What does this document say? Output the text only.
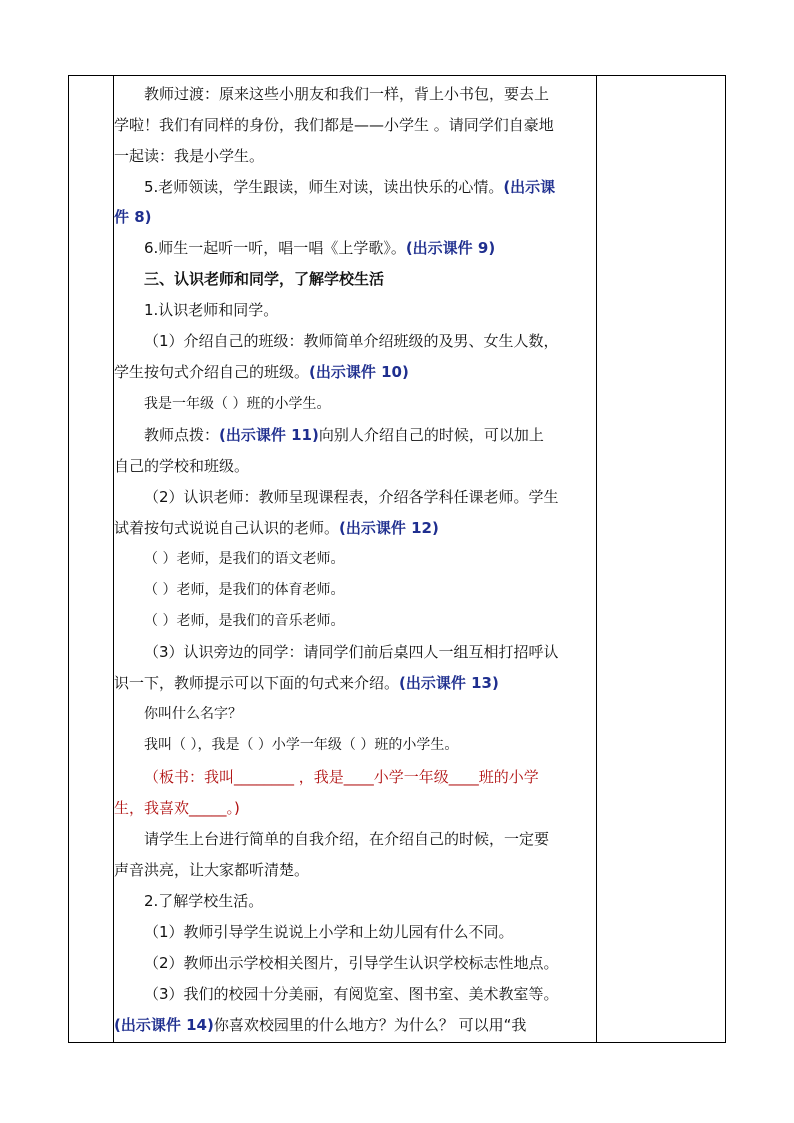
教师过渡：原来这些小朋友和我们一样，背上小书包，要去上
学啦！我们有同样的身份，我们都是——小学生 。请同学们自豪地
一起读：我是小学生。
5.老师领读，学生跟读，师生对读，读出快乐的心情。(出示课
件 8)
6.师生一起听一听，唱一唱《上学歌》。(出示课件 9)
三、认识老师和同学，了解学校生活
1.认识老师和同学。
（1）介绍自己的班级：教师简单介绍班级的及男、女生人数，
学生按句式介绍自己的班级。(出示课件 10)
我是一年级（ ）班的小学生。
教师点拨：(出示课件 11)向别人介绍自己的时候，可以加上
自己的学校和班级。
（2）认识老师：教师呈现课程表，介绍各学科任课老师。学生
试着按句式说说自己认识的老师。(出示课件 12)
（ ）老师，是我们的语文老师。
（ ）老师，是我们的体育老师。
（ ）老师，是我们的音乐老师。
（3）认识旁边的同学：请同学们前后桌四人一组互相打招呼认
识一下，教师提示可以下面的句式来介绍。(出示课件 13)
你叫什么名字？
我叫（ ），我是（ ）小学一年级（ ）班的小学生。
（板书：我叫________ ，我是____小学一年级____班的小学
生，我喜欢_____。)
请学生上台进行简单的自我介绍，在介绍自己的时候，一定要
声音洪亮，让大家都听清楚。
2.了解学校生活。
（1）教师引导学生说说上小学和上幼儿园有什么不同。
（2）教师出示学校相关图片，引导学生认识学校标志性地点。
（3）我们的校园十分美丽，有阅览室、图书室、美术教室等。
(出示课件 14)你喜欢校园里的什么地方？为什么？ 可以用“我
